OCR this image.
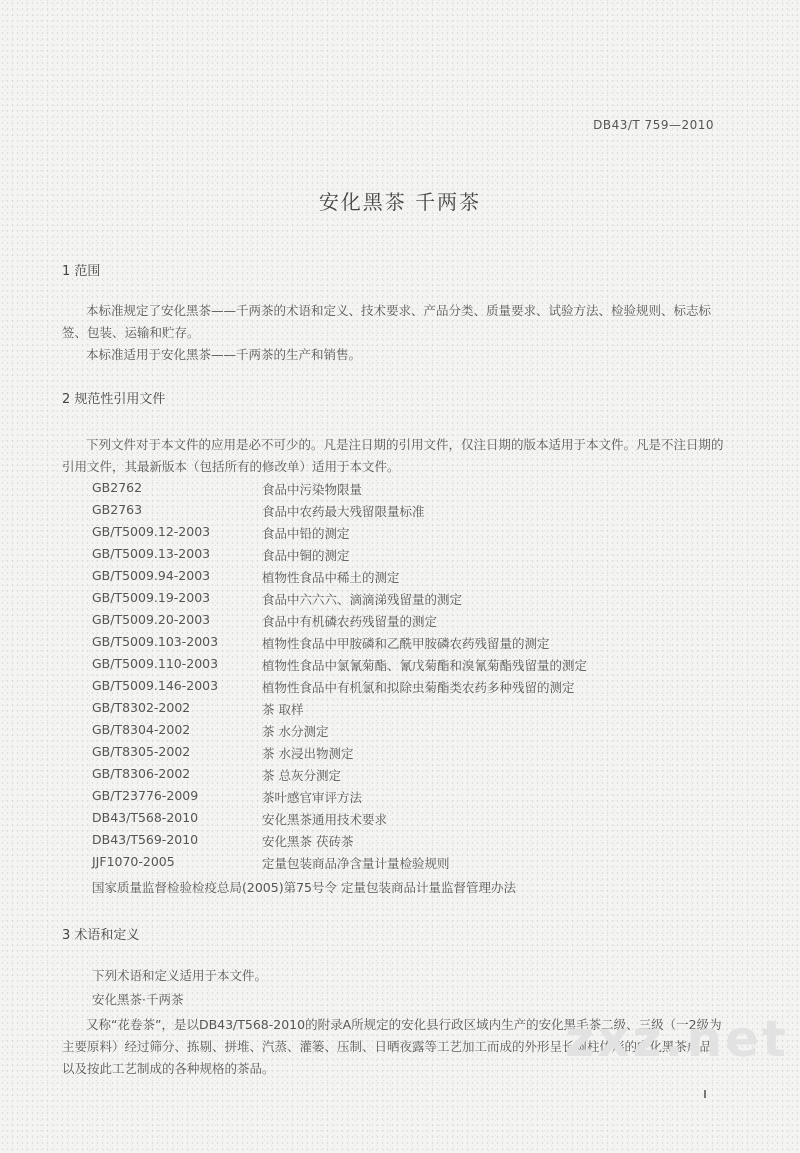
DB43/T 759—2010
安化黑茶 千两茶
1 范围
本标准规定了安化黑茶——千两茶的术语和定义、技术要求、产品分类、质量要求、试验方法、检验规则、标志标签、包装、运输和贮存。
本标准适用于安化黑茶——千两茶的生产和销售。
2 规范性引用文件
下列文件对于本文件的应用是必不可少的。凡是注日期的引用文件，仅注日期的版本适用于本文件。凡是不注日期的引用文件，其最新版本（包括所有的修改单）适用于本文件。
GB2762	食品中污染物限量
GB2763	食品中农药最大残留限量标准
GB/T5009.12-2003	食品中铅的测定
GB/T5009.13-2003	食品中铜的测定
GB/T5009.94-2003	植物性食品中稀土的测定
GB/T5009.19-2003	食品中六六六、滴滴涕残留量的测定
GB/T5009.20-2003	食品中有机磷农药残留量的测定
GB/T5009.103-2003	植物性食品中甲胺磷和乙酰甲胺磷农药残留量的测定
GB/T5009.110-2003	植物性食品中氯氰菊酯、氰戊菊酯和溴氰菊酯残留量的测定
GB/T5009.146-2003	植物性食品中有机氯和拟除虫菊酯类农药多种残留的测定
GB/T8302-2002	茶 取样
GB/T8304-2002	茶 水分测定
GB/T8305-2002	茶 水浸出物测定
GB/T8306-2002	茶 总灰分测定
GB/T23776-2009	茶叶感官审评方法
DB43/T568-2010	安化黑茶通用技术要求
DB43/T569-2010	安化黑茶 茯砖茶
JJF1070-2005	定量包装商品净含量计量检验规则
国家质量监督检验检疫总局(2005)第75号令 定量包装商品计量监督管理办法
3 术语和定义
下列术语和定义适用于本文件。
安化黑茶·千两茶
又称“花卷茶”，是以DB43/T568-2010的附录A所规定的安化县行政区域内生产的安化黑毛茶二级、三级（一2级为主要原料）经过筛分、拣剔、拼堆、汽蒸、灌篓、压制、日晒夜露等工艺加工而成的外形呈长圆柱体形的安化黑茶成品，以及按此工艺制成的各种规格的茶品。
zxz.net
